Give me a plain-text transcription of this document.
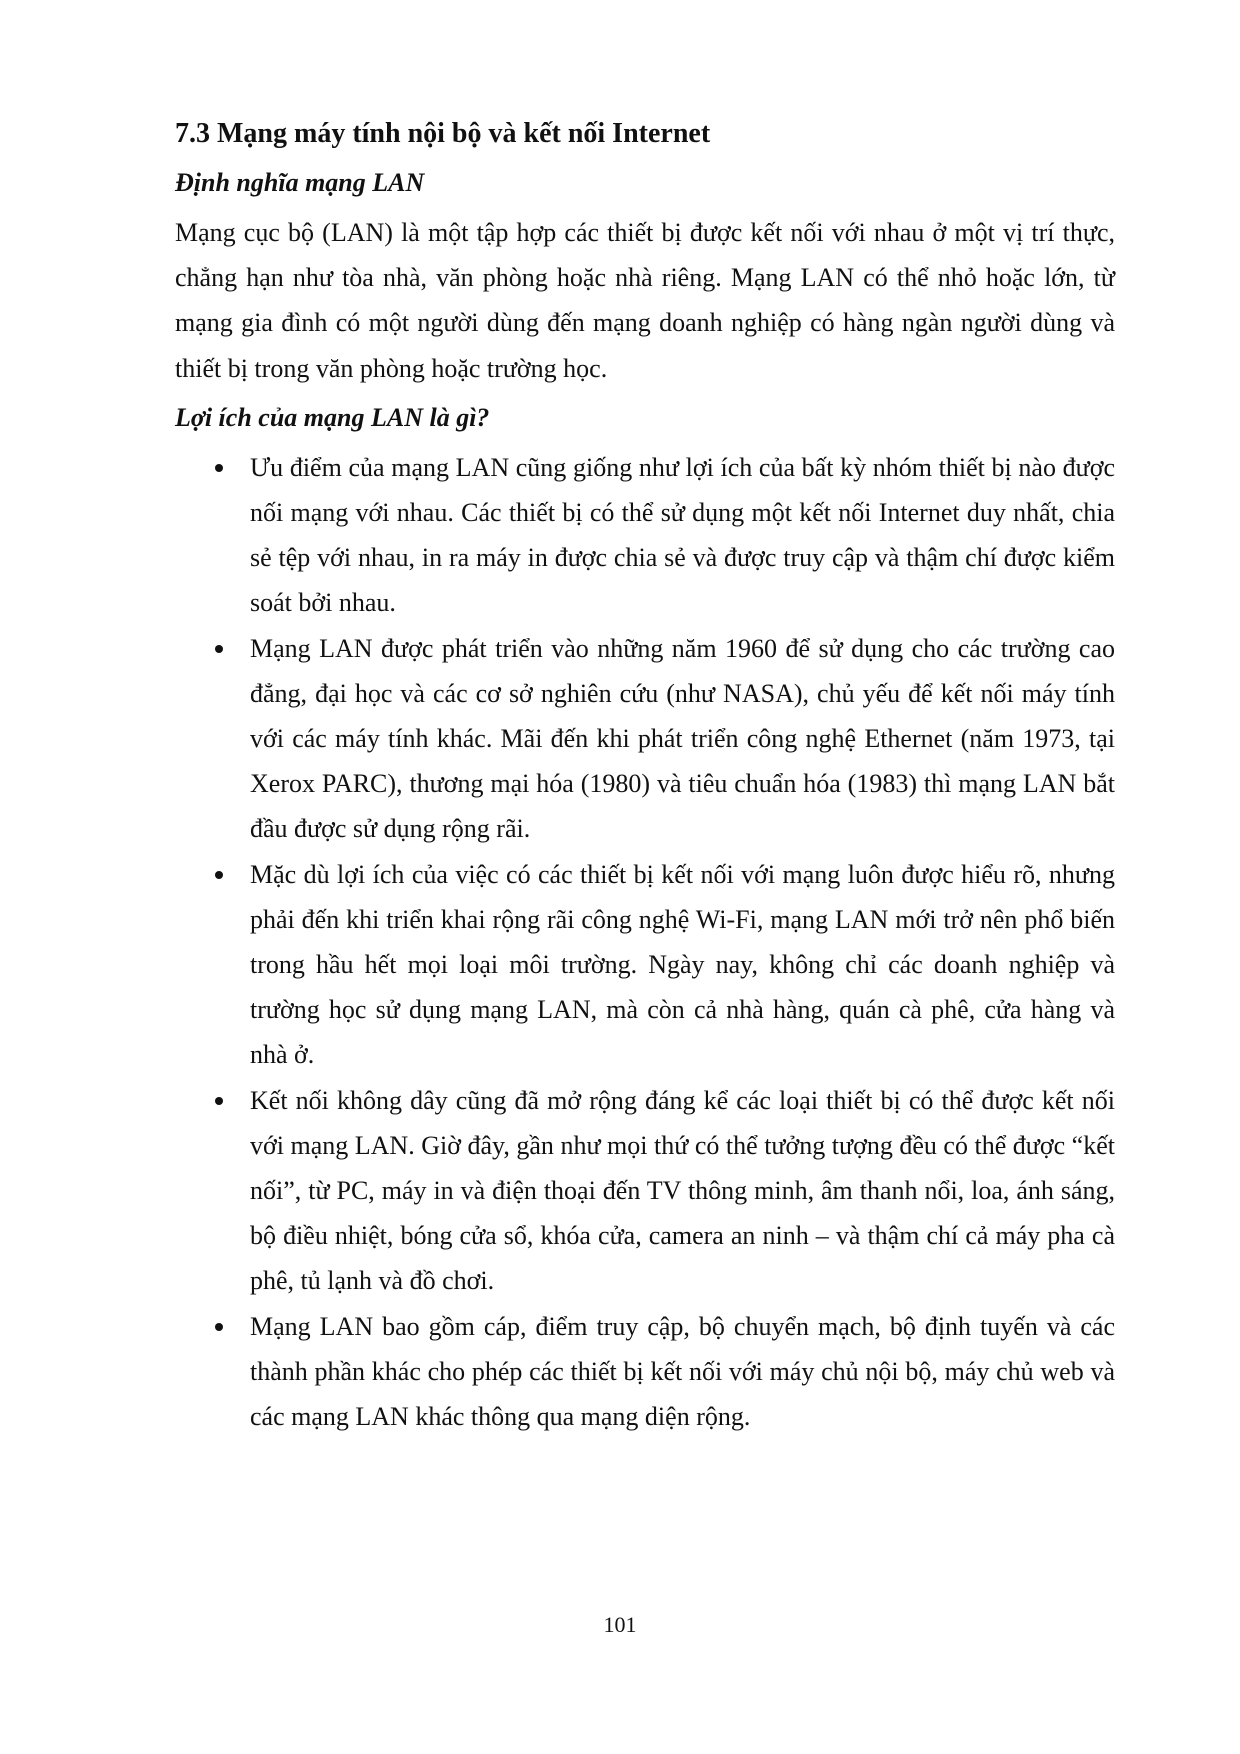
7.3 Mạng máy tính nội bộ và kết nối Internet
Định nghĩa mạng LAN

Mạng cục bộ (LAN) là một tập hợp các thiết bị được kết nối với nhau ở một vị trí thực, chẳng hạn như tòa nhà, văn phòng hoặc nhà riêng. Mạng LAN có thể nhỏ hoặc lớn, từ mạng gia đình có một người dùng đến mạng doanh nghiệp có hàng ngàn người dùng và thiết bị trong văn phòng hoặc trường học.

Lợi ích của mạng LAN là gì?
Ưu điểm của mạng LAN cũng giống như lợi ích của bất kỳ nhóm thiết bị nào được nối mạng với nhau. Các thiết bị có thể sử dụng một kết nối Internet duy nhất, chia sẻ tệp với nhau, in ra máy in được chia sẻ và được truy cập và thậm chí được kiểm soát bởi nhau.
Mạng LAN được phát triển vào những năm 1960 để sử dụng cho các trường cao đẳng, đại học và các cơ sở nghiên cứu (như NASA), chủ yếu để kết nối máy tính với các máy tính khác. Mãi đến khi phát triển công nghệ Ethernet (năm 1973, tại Xerox PARC), thương mại hóa (1980) và tiêu chuẩn hóa (1983) thì mạng LAN bắt đầu được sử dụng rộng rãi.
Mặc dù lợi ích của việc có các thiết bị kết nối với mạng luôn được hiểu rõ, nhưng phải đến khi triển khai rộng rãi công nghệ Wi-Fi, mạng LAN mới trở nên phổ biến trong hầu hết mọi loại môi trường. Ngày nay, không chỉ các doanh nghiệp và trường học sử dụng mạng LAN, mà còn cả nhà hàng, quán cà phê, cửa hàng và nhà ở.
Kết nối không dây cũng đã mở rộng đáng kể các loại thiết bị có thể được kết nối với mạng LAN. Giờ đây, gần như mọi thứ có thể tưởng tượng đều có thể được “kết nối”, từ PC, máy in và điện thoại đến TV thông minh, âm thanh nổi, loa, ánh sáng, bộ điều nhiệt, bóng cửa sổ, khóa cửa, camera an ninh – và thậm chí cả máy pha cà phê, tủ lạnh và đồ chơi.
Mạng LAN bao gồm cáp, điểm truy cập, bộ chuyển mạch, bộ định tuyến và các thành phần khác cho phép các thiết bị kết nối với máy chủ nội bộ, máy chủ web và các mạng LAN khác thông qua mạng diện rộng.
101
